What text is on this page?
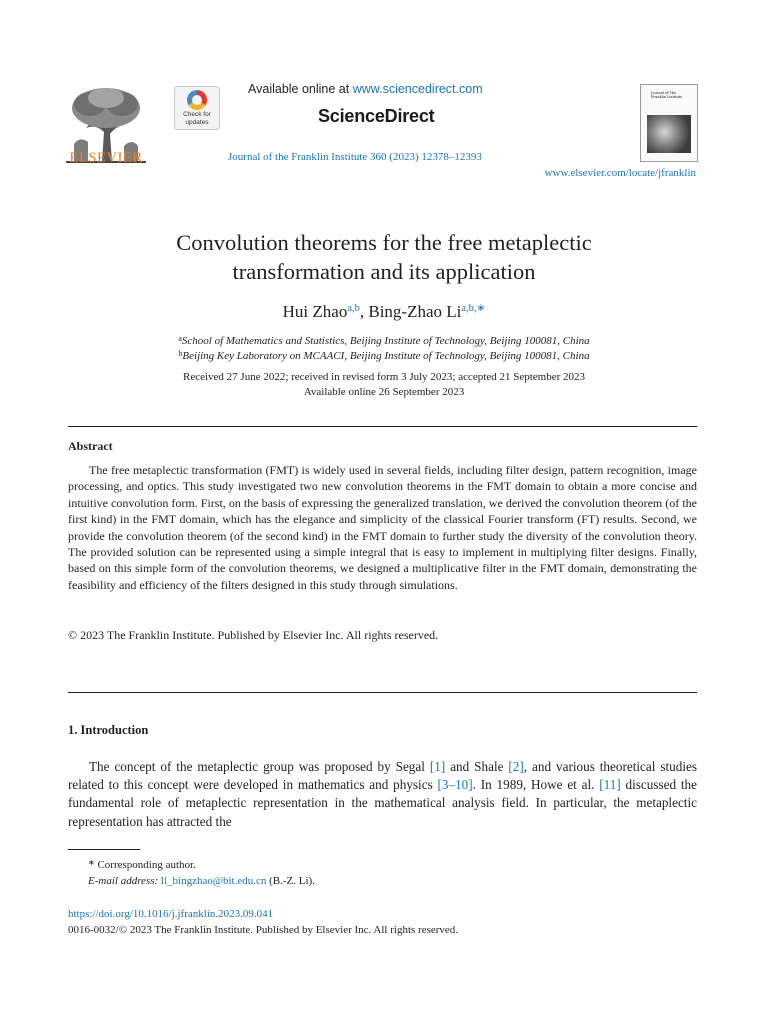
ELSEVIER
Check for updates
Available online at www.sciencedirect.com
ScienceDirect
Journal of the Franklin Institute 360 (2023) 12378–12393
www.elsevier.com/locate/jfranklin
Journal of The Franklin Institute
Convolution theorems for the free metaplectic
transformation and its application
Hui Zhao$^{a,b}$, Bing-Zhao $Li^{a,b,∗}$
$^a$School of Mathematics and Statistics, Beijing Institute of Technology, Beijing 100081, China
$^b$Beijing Key Laboratory on MCAACI, Beijing Institute of Technology, Beijing 100081, China
Received 27 June 2022; received in revised form 3 July 2023; accepted 21 September 2023
Available online 26 September 2023
Abstract
The free metaplectic transformation (FMT) is widely used in several fields, including filter design, pattern recognition, image processing, and optics. This study investigated two new convolution theorems in the FMT domain to obtain a more concise and intuitive convolution form. First, on the basis of expressing the generalized translation, we derived the convolution theorem (of the first kind) in the FMT domain, which has the elegance and simplicity of the classical Fourier transform (FT) results. Second, we provide the convolution theorem (of the second kind) in the FMT domain to further study the diversity of the convolution theory. The provided solution can be represented using a simple integral that is easy to implement in multiplying filter designs. Finally, based on this simple form of the convolution theorems, we designed a multiplicative filter in the FMT domain, demonstrating the feasibility and efficiency of the filters designed in this study through simulations.
© 2023 The Franklin Institute. Published by Elsevier Inc. All rights reserved.
1. Introduction
The concept of the metaplectic group was proposed by Segal [1] and Shale [2], and various theoretical studies related to this concept were developed in mathematics and physics [3–10]. In 1989, Howe et al. [11] discussed the fundamental role of metaplectic representation in the mathematical analysis field. In particular, the metaplectic representation has attracted the
∗ Corresponding author.
E-mail address: li_bingzhao@bit.edu.cn (B.-Z. Li).
https://doi.org/10.1016/j.jfranklin.2023.09.041
0016-0032/© 2023 The Franklin Institute. Published by Elsevier Inc. All rights reserved.
